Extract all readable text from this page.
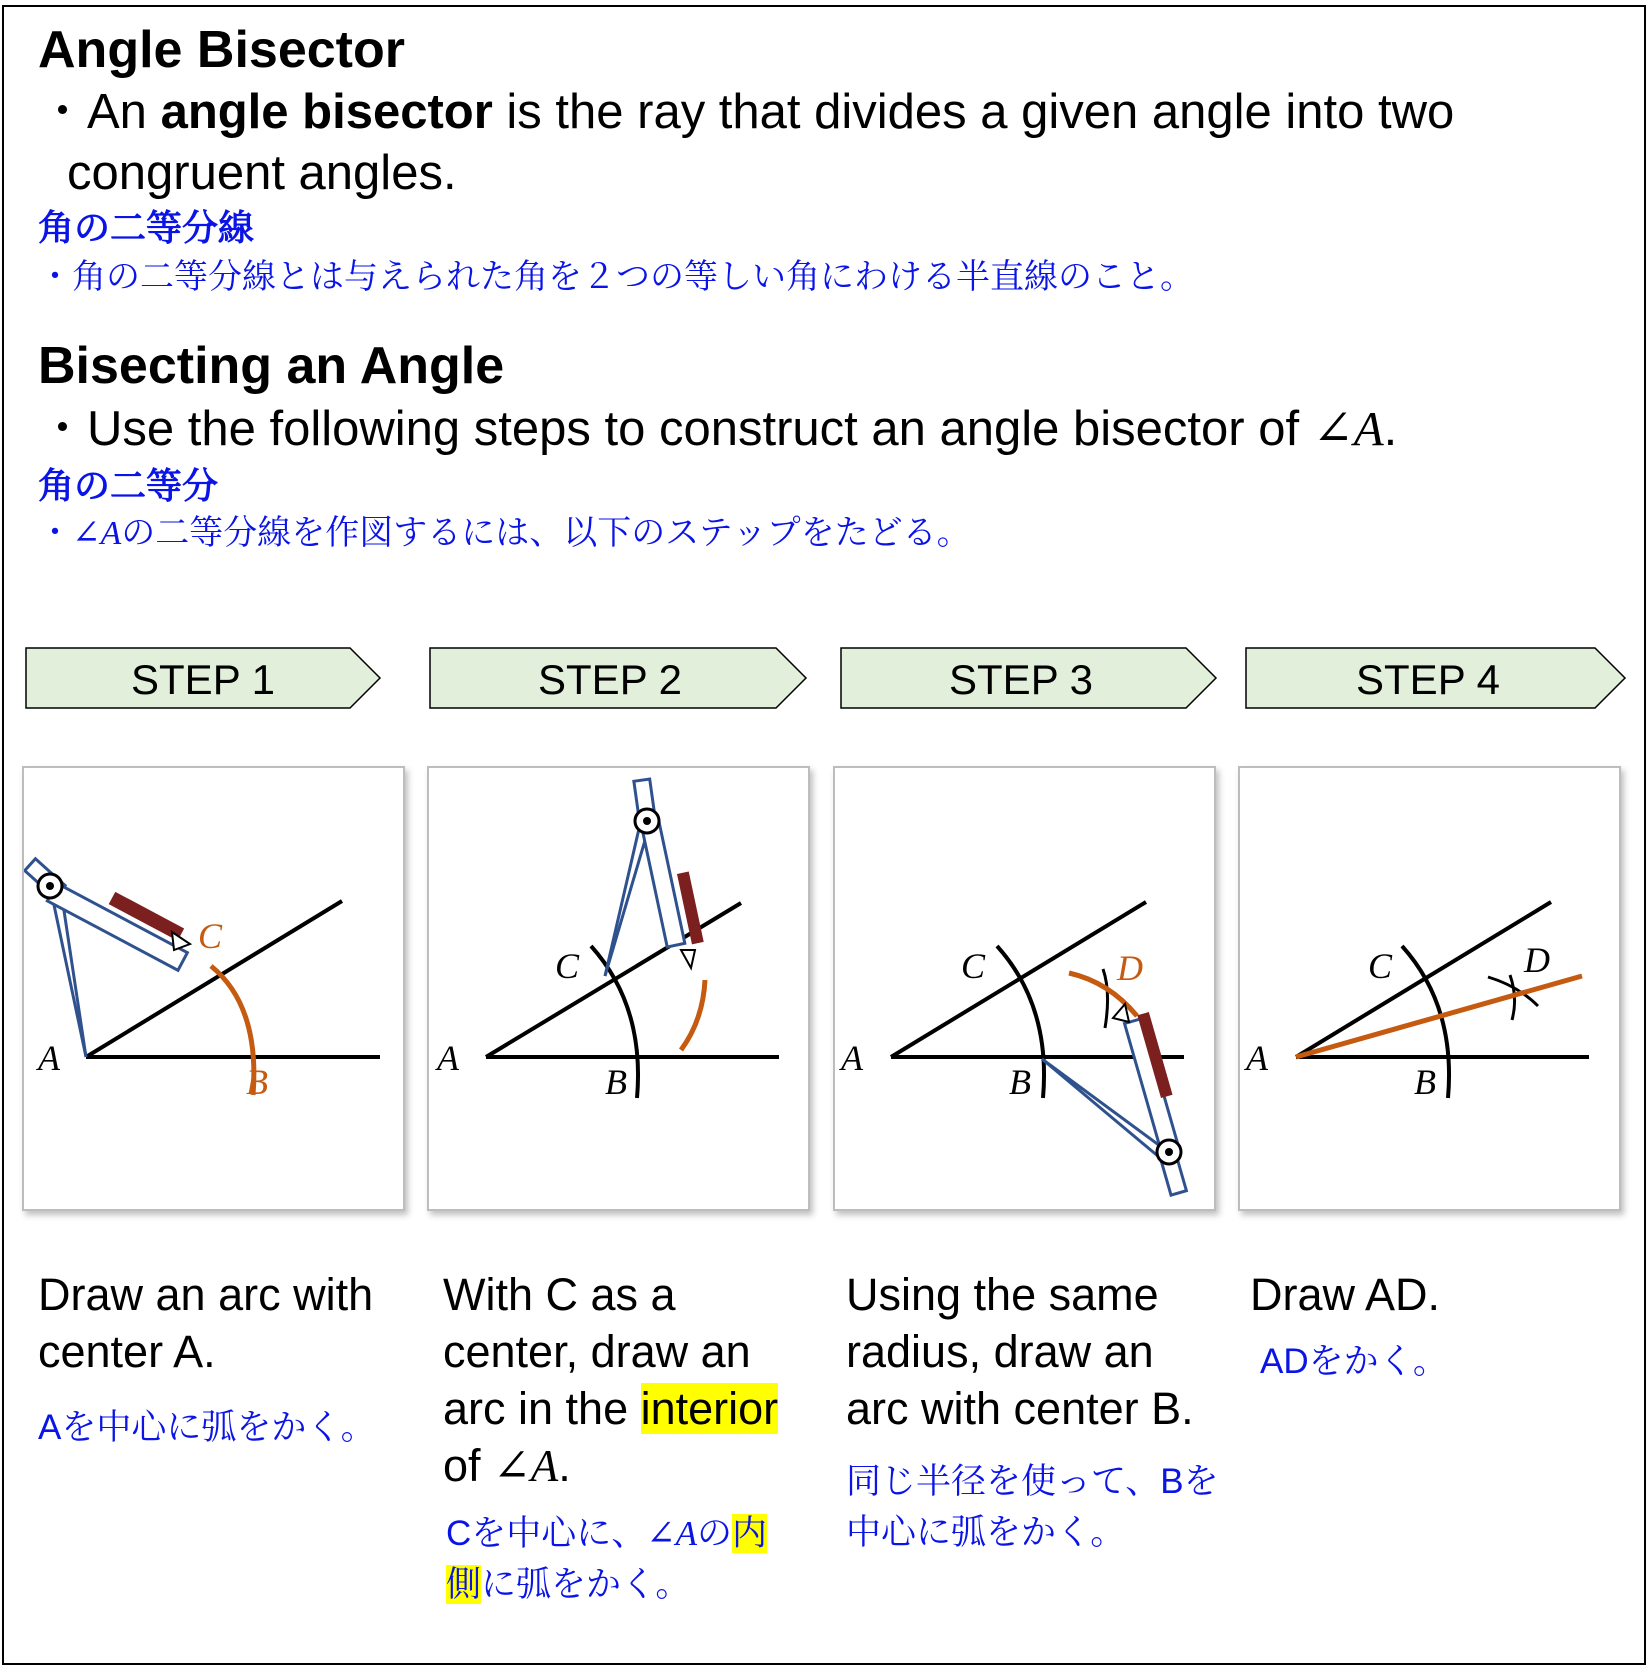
Angle Bisector
・An angle bisector is the ray that divides a given angle into two
congruent angles.
角の二等分線
・角の二等分線とは与えられた角を２つの等しい角にわける半直線のこと。
Bisecting an Angle
・Use the following steps to construct an angle bisector of ∠A.
角の二等分
・∠Aの二等分線を作図するには、以下のステップをたどる。
STEP 1	STEP 2	STEP 3	STEP 4
A
C
B
A
C
B
A
C
B
D
A
C
B
D
Draw an arc with center A.
Aを中心に弧をかく。
With C as a
center, draw an
arc in the interior
of ∠A.
Cを中心に、∠Aの内
側に弧をかく。
Using the same radius, draw an arc with center B.
同じ半径を使って、Bを
中心に弧をかく。
Draw AD.
ADをかく。
